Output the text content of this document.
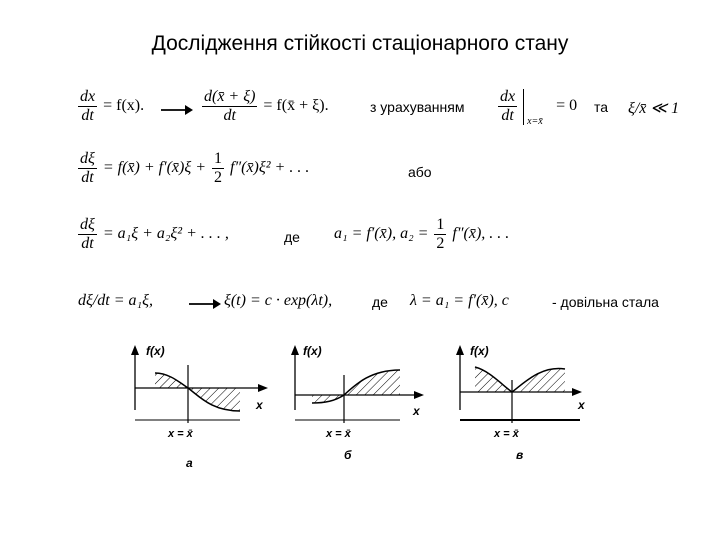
Дослідження стійкості стаціонарного стану
$\frac{dx}{dt} = f(x)$.	$\frac{d(x̄ + \xi)}{dt}$ = f(x̄ + ξ).	з урахуванням $\frac{dx}{dt}$ x=x̄
= 0 та ξ/x̄ ≪ 1
$\frac{d\xi}{dt}$ = f(x̄) + f′(x̄)ξ + $\frac{1}{2}$ f″(x̄)ξ² + . . .	або
$\frac{d\xi}{dt} = a_1\xi + a_2\xi^2$ + . . . ,	де a₁ = f′(x̄), $a_2 = \frac{1}{2}$ f″(x̄), . . .
dξ/dt = a₁ξ,	ξ(t) = c · exp(λt),	де λ = a₁ = f′(x̄), c	- довільна стала
f(x)
x
x = x̄
а
f(x)
x
x = x̄
б
f(x)
x
x = x̄
в
